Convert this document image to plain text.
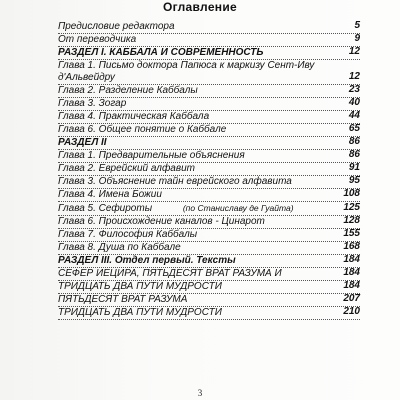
Оглавление
Предисловие редактора	5
От переводчика	9
РАЗДЕЛ I. КАББАЛА И СОВРЕМЕННОСТЬ	12
Глава 1. Письмо доктора Папюса к маркизу Сент-Иву д'Альвейдру	12
Глава 2. Разделение Каббалы	23
Глава 3. Зогар	40
Глава 4. Практическая Каббала	44
Глава 6. Общее понятие о Каббале	65
РАЗДЕЛ II	86
Глава 1. Предварительные объяснения	86
Глава 2. Еврейский алфавит	91
Глава 3. Объяснение тайн еврейского алфавита	95
Глава 4. Имена Божии	108
Глава 5. Сефироты	(по Станиславу де Гуайта)	125
Глава 6. Происхождение каналов - Цинарот	128
Глава 7. Философия Каббалы	155
Глава 8. Душа по Каббале	168
РАЗДЕЛ III. Отдел первый. Тексты	184
СЕФЕР ИЕЦИРА, ПЯТЬДЕСЯТ ВРАТ РАЗУМА И	184
ТРИДЦАТЬ ДВА ПУТИ МУДРОСТИ	184
ПЯТЬДЕСЯТ ВРАТ РАЗУМА	207
ТРИДЦАТЬ ДВА ПУТИ МУДРОСТИ	210
3
